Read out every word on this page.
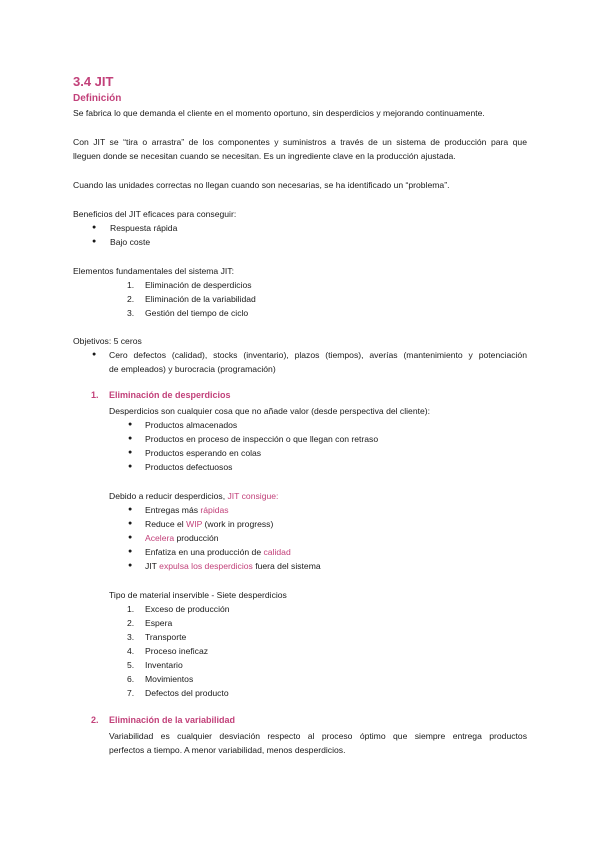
3.4 JIT
Definición
Se fabrica lo que demanda el cliente en el momento oportuno, sin desperdicios y mejorando continuamente.
Con JIT se “tira o arrastra” de los componentes y suministros a través de un sistema de producción para que
lleguen donde se necesitan cuando se necesitan. Es un ingrediente clave en la producción ajustada.
Cuando las unidades correctas no llegan cuando son necesarias, se ha identificado un “problema”.
Beneficios del JIT eficaces para conseguir:
● Respuesta rápida
● Bajo coste
Elementos fundamentales del sistema JIT:
1. Eliminación de desperdicios
2. Eliminación de la variabilidad
3. Gestión del tiempo de ciclo
Objetivos: 5 ceros
● Cero defectos (calidad), stocks (inventario), plazos (tiempos), averías (mantenimiento y potenciación
de empleados) y burocracia (programación)
1. Eliminación de desperdicios
Desperdicios son cualquier cosa que no añade valor (desde perspectiva del cliente):
● Productos almacenados
● Productos en proceso de inspección o que llegan con retraso
● Productos esperando en colas
● Productos defectuosos
Debido a reducir desperdicios, JIT consigue:
● Entregas más rápidas
● Reduce el WIP (work in progress)
● Acelera producción
● Enfatiza en una producción de calidad
● JIT expulsa los desperdicios fuera del sistema
Tipo de material inservible - Siete desperdicios
1. Exceso de producción
2. Espera
3. Transporte
4. Proceso ineficaz
5. Inventario
6. Movimientos
7. Defectos del producto
2. Eliminación de la variabilidad
Variabilidad es cualquier desviación respecto al proceso óptimo que siempre entrega productos
perfectos a tiempo. A menor variabilidad, menos desperdicios.
